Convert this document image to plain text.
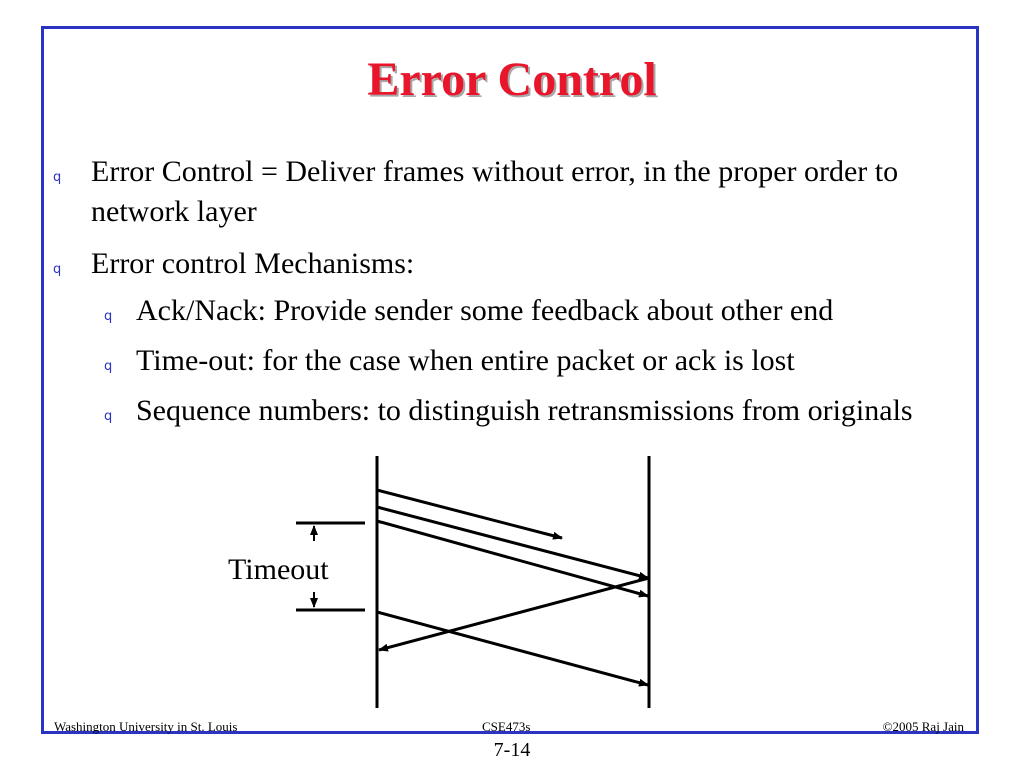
Error Control
q Error Control = Deliver frames without error, in the proper order to network layer
q Error control Mechanisms:
q Ack/Nack: Provide sender some feedback about other end
q Time-out: for the case when entire packet or ack is lost
q Sequence numbers: to distinguish retransmissions from originals
Timeout
Washington University in St. Louis	CSE473s	©2005 Raj Jain
7-14
